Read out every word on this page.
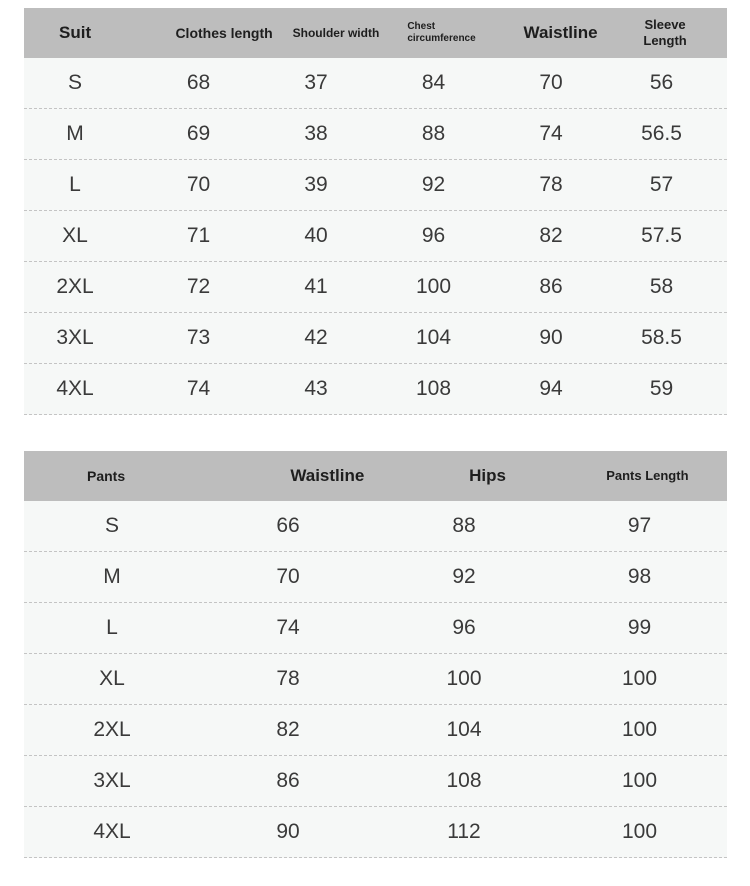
Suit	Clothes length	Shoulder width	Chest circumference	Waistline	Sleeve Length
S	68	37	84	70	56
M	69	38	88	74	56.5
L	70	39	92	78	57
XL	71	40	96	82	57.5
2XL	72	41	100	86	58
3XL	73	42	104	90	58.5
4XL	74	43	108	94	59
Pants	Waistline	Hips	Pants Length
S	66	88	97
M	70	92	98
L	74	96	99
XL	78	100	100
2XL	82	104	100
3XL	86	108	100
4XL	90	112	100
